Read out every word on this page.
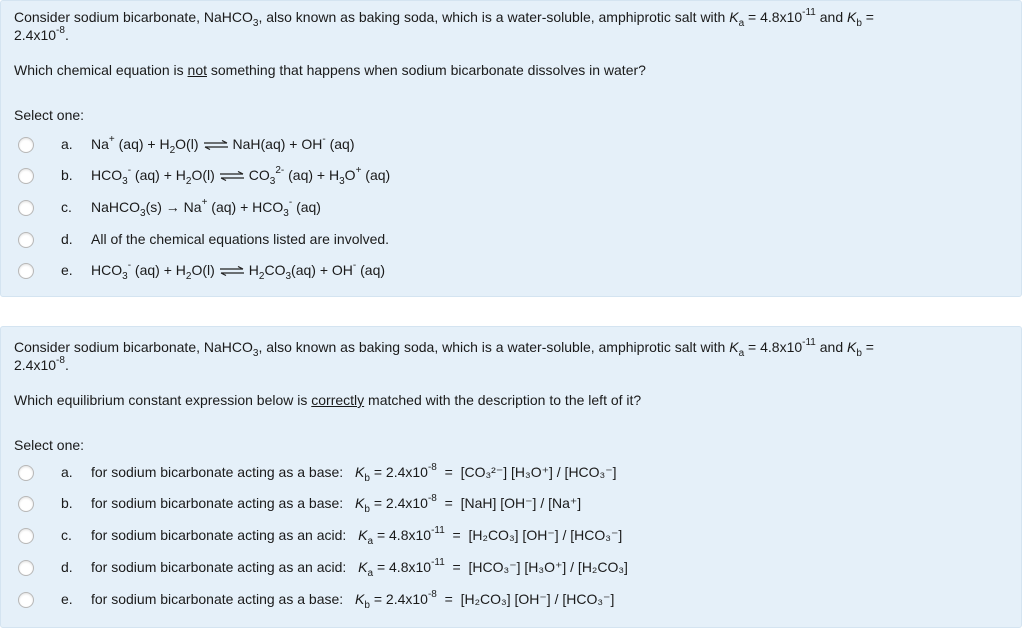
Consider sodium bicarbonate, NaHCO$_3$, also known as baking soda, which is a water-soluble, amphiprotic salt with $K_a = 4.8x10^{-11}$ and $K_b$ =
$2.4x10^{-8}$.
Which chemical equation is not something that happens when sodium bicarbonate dissolves in water?
Select one:
a. Na+ $(aq) + H_2O(l)$ ⇌ NaH(aq) + OH- (aq)
b. $HCO_3^-$ $(aq) + H_2O(l)$ ⇌ $CO_3^{2-}$ $(aq) + H_3O^+$ (aq)
c. NaHCO$_3$(s) → Na+ $(aq) + HCO_3^-$ (aq)
d. All of the chemical equations listed are involved.
e. $HCO_3^-$ $(aq) + H_2O(l)$ ⇌ $H_2CO_3(aq) + OH^-$ (aq)
Consider sodium bicarbonate, NaHCO$_3$, also known as baking soda, which is a water-soluble, amphiprotic salt with $K_a = 4.8x10^{-11}$ and $K_b$ =
$2.4x10^{-8}$.
Which equilibrium constant expression below is correctly matched with the description to the left of it?
Select one:
a. for sodium bicarbonate acting as a base: $K_b = 2.4x10^{-8} = [CO_3^{2-}]$ [H₃O⁺] / [HCO₃⁻]
b. for sodium bicarbonate acting as a base: $K_b = 2.4x10^{-8} = [NaH]$ [OH⁻] / [Na⁺]
c. for sodium bicarbonate acting as an acid: $K_a = 4.8x10^{-11} = [H_2CO_3]$ [OH⁻] / [HCO₃⁻]
d. for sodium bicarbonate acting as an acid: $K_a = 4.8x10^{-11} = [HCO_3^-]$ [H₃O⁺] / [H₂CO₃]
e. for sodium bicarbonate acting as a base: $K_b = 2.4x10^{-8} = [H_2CO_3]$ [OH⁻] / [HCO₃⁻]
